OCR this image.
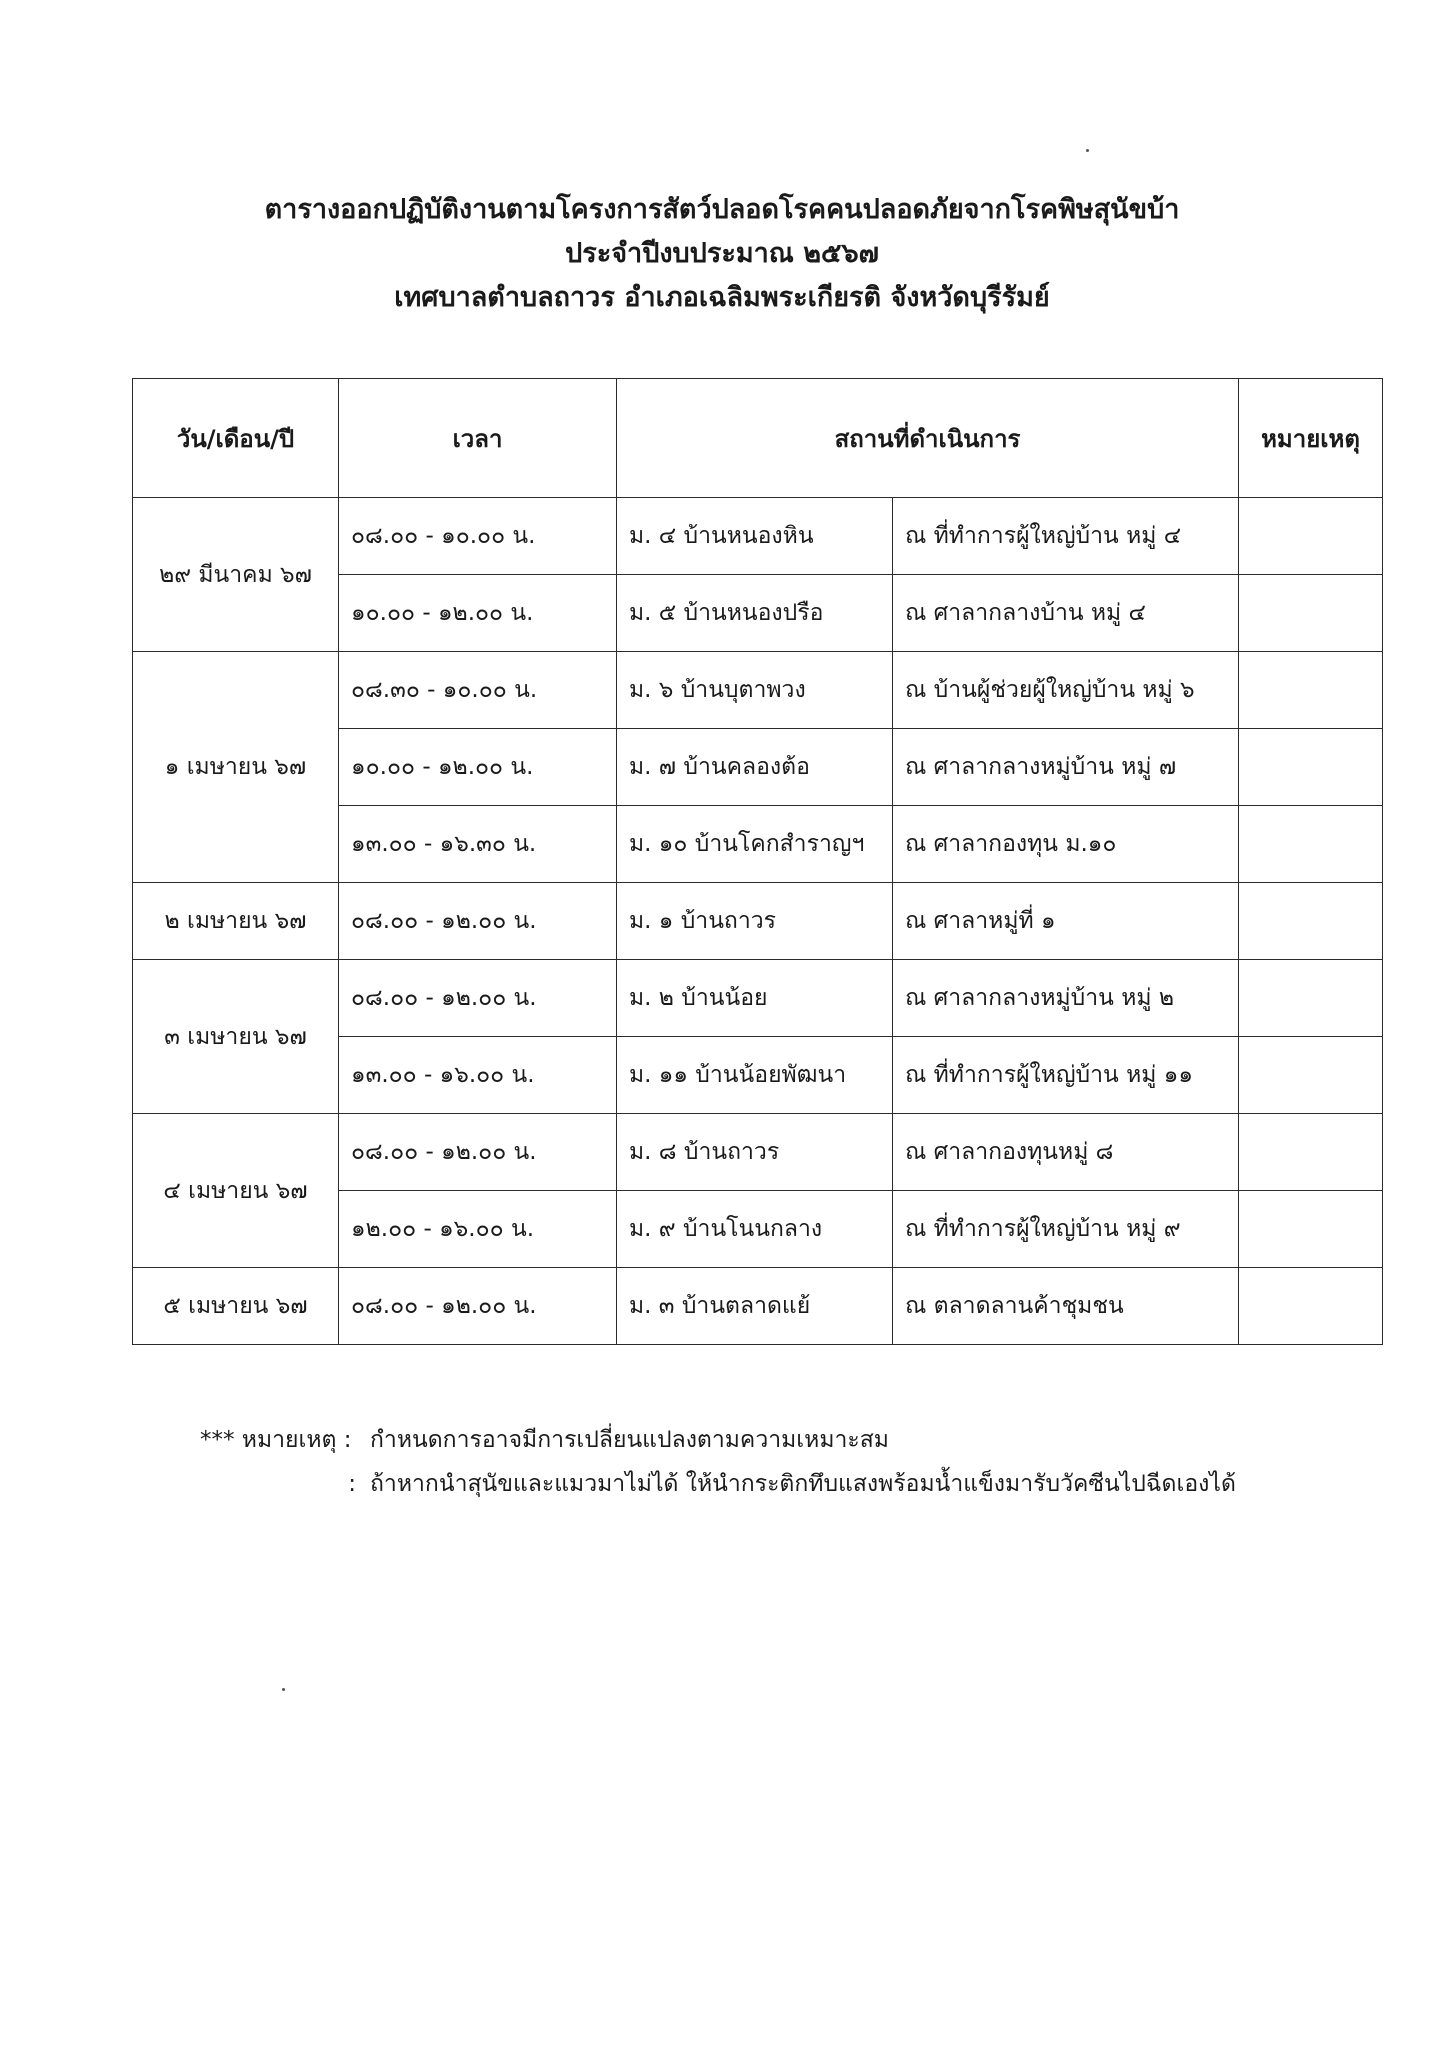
ตารางออกปฏิบัติงานตามโครงการสัตว์ปลอดโรคคนปลอดภัยจากโรคพิษสุนัขบ้า
ประจำปีงบประมาณ ๒๕๖๗
เทศบาลตำบลถาวร อำเภอเฉลิมพระเกียรติ จังหวัดบุรีรัมย์
วัน/เดือน/ปี	เวลา	สถานที่ดำเนินการ		หมายเหตุ
๒๙ มีนาคม ๖๗	๐๘.๐๐ - ๑๐.๐๐ น.	ม. ๔ บ้านหนองหิน	ณ ที่ทำการผู้ใหญ่บ้าน หมู่ ๔	
	๑๐.๐๐ - ๑๒.๐๐ น.	ม. ๕ บ้านหนองปรือ	ณ ศาลากลางบ้าน หมู่ ๔	
๑ เมษายน ๖๗	๐๘.๓๐ - ๑๐.๐๐ น.	ม. ๖ บ้านบุตาพวง	ณ บ้านผู้ช่วยผู้ใหญ่บ้าน หมู่ ๖	
	๑๐.๐๐ - ๑๒.๐๐ น.	ม. ๗ บ้านคลองต้อ	ณ ศาลากลางหมู่บ้าน หมู่ ๗	
	๑๓.๐๐ - ๑๖.๓๐ น.	ม. ๑๐ บ้านโคกสำราญฯ	ณ ศาลากองทุน ม.๑๐	
๒ เมษายน ๖๗	๐๘.๐๐ - ๑๒.๐๐ น.	ม. ๑ บ้านถาวร	ณ ศาลาหมู่ที่ ๑	
๓ เมษายน ๖๗	๐๘.๐๐ - ๑๒.๐๐ น.	ม. ๒ บ้านน้อย	ณ ศาลากลางหมู่บ้าน หมู่ ๒	
	๑๓.๐๐ - ๑๖.๐๐ น.	ม. ๑๑ บ้านน้อยพัฒนา	ณ ที่ทำการผู้ใหญ่บ้าน หมู่ ๑๑	
๔ เมษายน ๖๗	๐๘.๐๐ - ๑๒.๐๐ น.	ม. ๘ บ้านถาวร	ณ ศาลากองทุนหมู่ ๘	
	๑๒.๐๐ - ๑๖.๐๐ น.	ม. ๙ บ้านโนนกลาง	ณ ที่ทำการผู้ใหญ่บ้าน หมู่ ๙	
๕ เมษายน ๖๗	๐๘.๐๐ - ๑๒.๐๐ น.	ม. ๓ บ้านตลาดแย้	ณ ตลาดลานค้าชุมชน	
*** หมายเหตุ : กำหนดการอาจมีการเปลี่ยนแปลงตามความเหมาะสม
: ถ้าหากนำสุนัขและแมวมาไม่ได้ ให้นำกระติกทึบแสงพร้อมน้ำแข็งมารับวัคซีนไปฉีดเองได้
